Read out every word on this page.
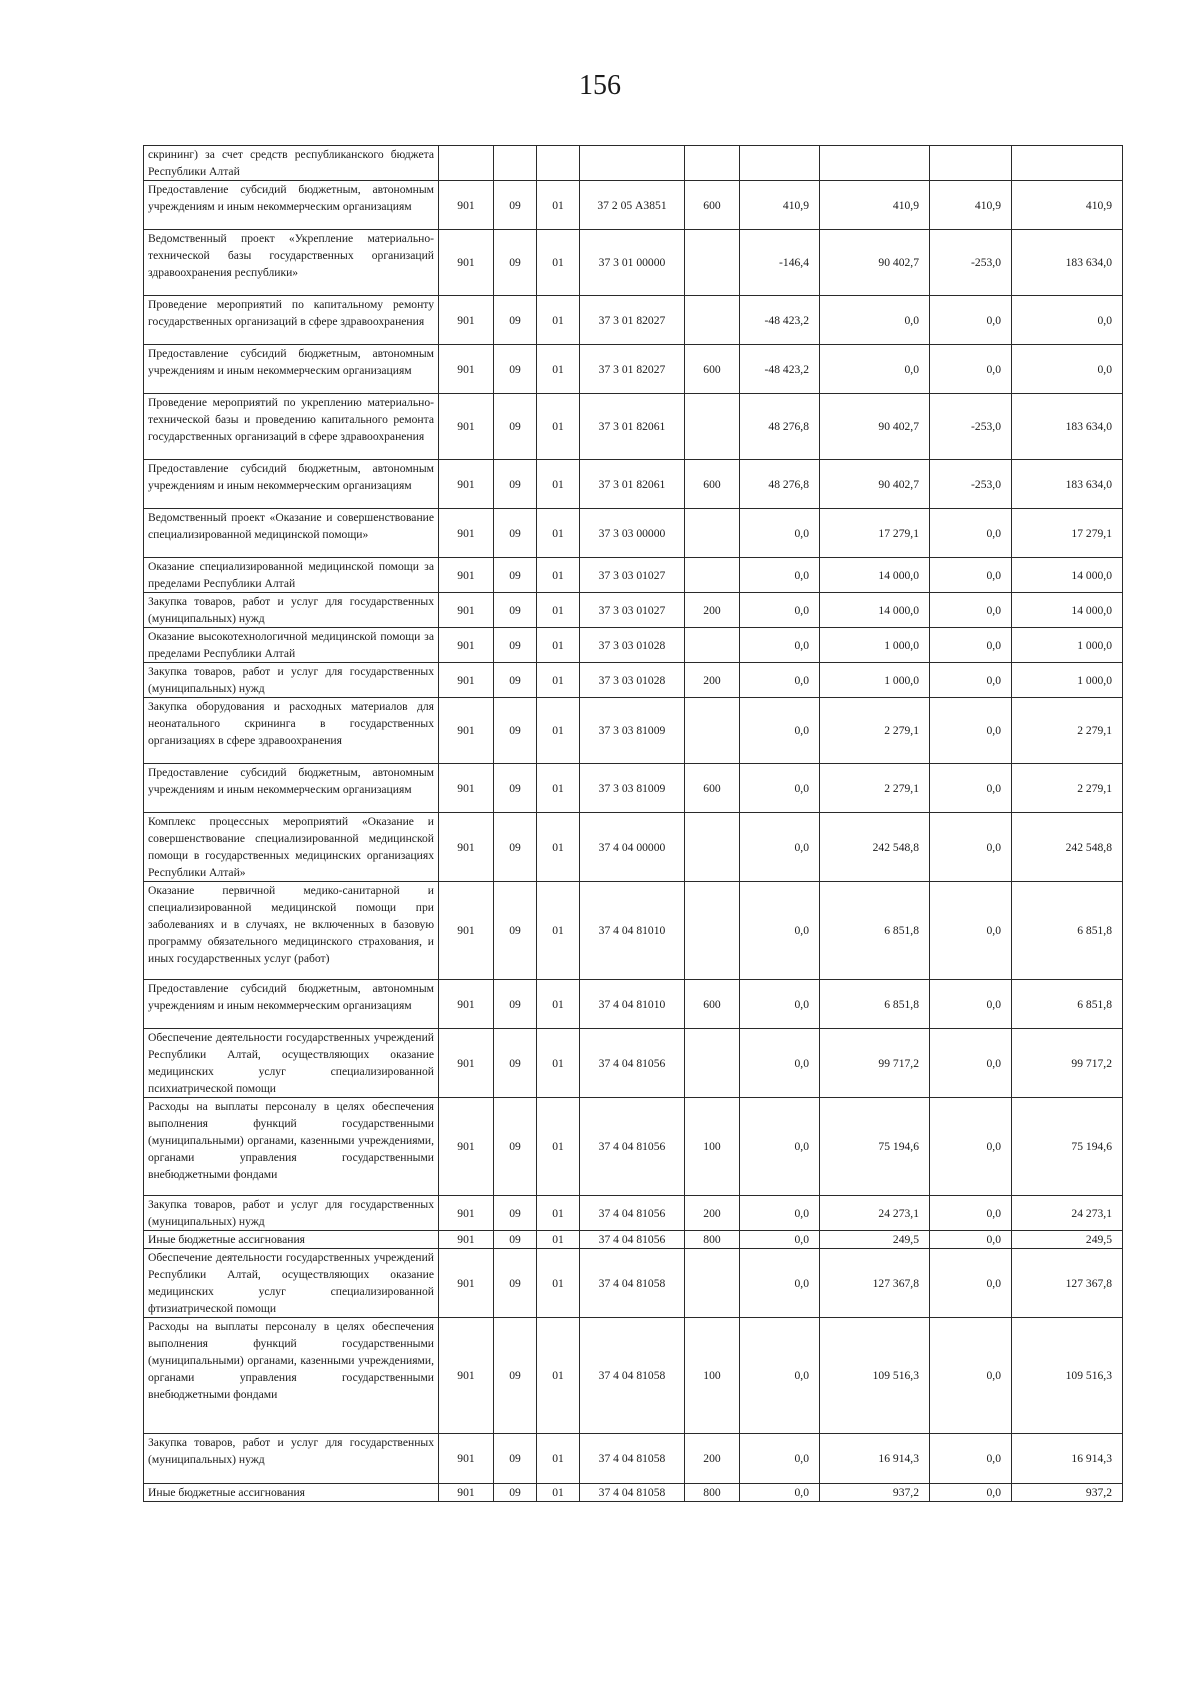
156
скрининг) за счет средств республиканского бюджета Республики Алтай									
Предоставление субсидий бюджетным, автономным учреждениям и иным некоммерческим организациям	901	09	01	37 2 05 А3851	600	410,9	410,9	410,9	410,9
Ведомственный проект «Укрепление материально-технической базы государственных организаций здравоохранения республики»	901	09	01	37 3 01 00000		-146,4	90 402,7	-253,0	183 634,0
Проведение мероприятий по капитальному ремонту государственных организаций в сфере здравоохранения	901	09	01	37 3 01 82027		-48 423,2	0,0	0,0	0,0
Предоставление субсидий бюджетным, автономным учреждениям и иным некоммерческим организациям	901	09	01	37 3 01 82027	600	-48 423,2	0,0	0,0	0,0
Проведение мероприятий по укреплению материально-технической базы и проведению капитального ремонта государственных организаций в сфере здравоохранения	901	09	01	37 3 01 82061		48 276,8	90 402,7	-253,0	183 634,0
Предоставление субсидий бюджетным, автономным учреждениям и иным некоммерческим организациям	901	09	01	37 3 01 82061	600	48 276,8	90 402,7	-253,0	183 634,0
Ведомственный проект «Оказание и совершенствование специализированной медицинской помощи»	901	09	01	37 3 03 00000		0,0	17 279,1	0,0	17 279,1
Оказание специализированной медицинской помощи за пределами Республики Алтай	901	09	01	37 3 03 01027		0,0	14 000,0	0,0	14 000,0
Закупка товаров, работ и услуг для государственных (муниципальных) нужд	901	09	01	37 3 03 01027	200	0,0	14 000,0	0,0	14 000,0
Оказание высокотехнологичной медицинской помощи за пределами Республики Алтай	901	09	01	37 3 03 01028		0,0	1 000,0	0,0	1 000,0
Закупка товаров, работ и услуг для государственных (муниципальных) нужд	901	09	01	37 3 03 01028	200	0,0	1 000,0	0,0	1 000,0
Закупка оборудования и расходных материалов для неонатального скрининга в государственных организациях в сфере здравоохранения	901	09	01	37 3 03 81009		0,0	2 279,1	0,0	2 279,1
Предоставление субсидий бюджетным, автономным учреждениям и иным некоммерческим организациям	901	09	01	37 3 03 81009	600	0,0	2 279,1	0,0	2 279,1
Комплекс процессных мероприятий «Оказание и совершенствование специализированной медицинской помощи в государственных медицинских организациях Республики Алтай»	901	09	01	37 4 04 00000		0,0	242 548,8	0,0	242 548,8
Оказание первичной медико-санитарной и специализированной медицинской помощи при заболеваниях и в случаях, не включенных в базовую программу обязательного медицинского страхования, и иных государственных услуг (работ)	901	09	01	37 4 04 81010		0,0	6 851,8	0,0	6 851,8
Предоставление субсидий бюджетным, автономным учреждениям и иным некоммерческим организациям	901	09	01	37 4 04 81010	600	0,0	6 851,8	0,0	6 851,8
Обеспечение деятельности государственных учреждений Республики Алтай, осуществляющих оказание медицинских услуг специализированной психиатрической помощи	901	09	01	37 4 04 81056		0,0	99 717,2	0,0	99 717,2
Расходы на выплаты персоналу в целях обеспечения выполнения функций государственными (муниципальными) органами, казенными учреждениями, органами управления государственными внебюджетными фондами	901	09	01	37 4 04 81056	100	0,0	75 194,6	0,0	75 194,6
Закупка товаров, работ и услуг для государственных (муниципальных) нужд	901	09	01	37 4 04 81056	200	0,0	24 273,1	0,0	24 273,1
Иные бюджетные ассигнования	901	09	01	37 4 04 81056	800	0,0	249,5	0,0	249,5
Обеспечение деятельности государственных учреждений Республики Алтай, осуществляющих оказание медицинских услуг специализированной фтизиатрической помощи	901	09	01	37 4 04 81058		0,0	127 367,8	0,0	127 367,8
Расходы на выплаты персоналу в целях обеспечения выполнения функций государственными (муниципальными) органами, казенными учреждениями, органами управления государственными внебюджетными фондами	901	09	01	37 4 04 81058	100	0,0	109 516,3	0,0	109 516,3
Закупка товаров, работ и услуг для государственных (муниципальных) нужд	901	09	01	37 4 04 81058	200	0,0	16 914,3	0,0	16 914,3
Иные бюджетные ассигнования	901	09	01	37 4 04 81058	800	0,0	937,2	0,0	937,2
